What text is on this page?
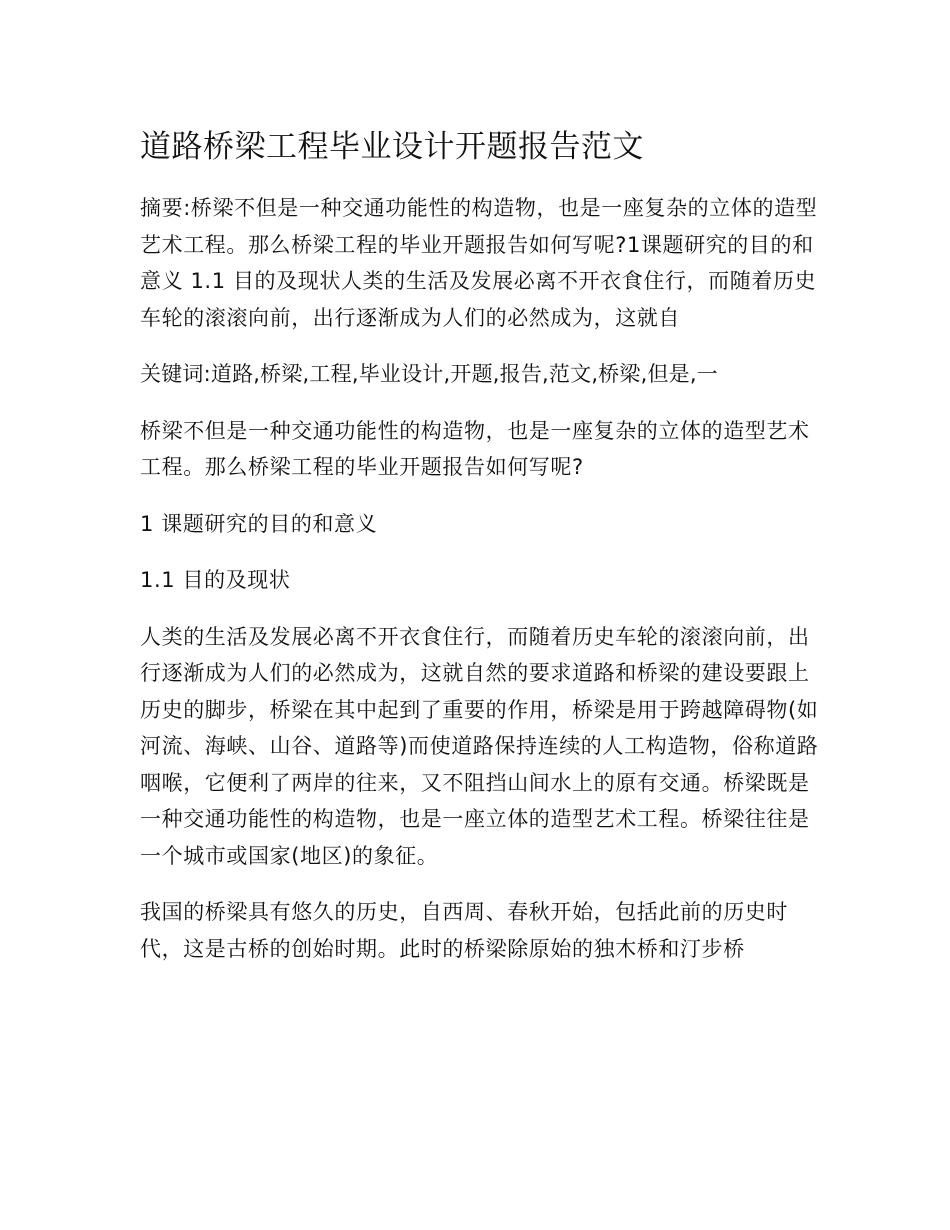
道路桥梁工程毕业设计开题报告范文

摘要:桥梁不但是一种交通功能性的构造物，也是一座复杂的立体的造型艺术工程。那么桥梁工程的毕业开题报告如何写呢?1课题研究的目的和意义 1.1 目的及现状人类的生活及发展必离不开衣食住行，而随着历史车轮的滚滚向前，出行逐渐成为人们的必然成为，这就自

关键词:道路,桥梁,工程,毕业设计,开题,报告,范文,桥梁,但是,一

桥梁不但是一种交通功能性的构造物，也是一座复杂的立体的造型艺术工程。那么桥梁工程的毕业开题报告如何写呢?

1 课题研究的目的和意义

1.1 目的及现状

人类的生活及发展必离不开衣食住行，而随着历史车轮的滚滚向前，出行逐渐成为人们的必然成为，这就自然的要求道路和桥梁的建设要跟上历史的脚步，桥梁在其中起到了重要的作用，桥梁是用于跨越障碍物(如河流、海峡、山谷、道路等)而使道路保持连续的人工构造物，俗称道路咽喉，它便利了两岸的往来，又不阻挡山间水上的原有交通。桥梁既是一种交通功能性的构造物，也是一座立体的造型艺术工程。桥梁往往是一个城市或国家(地区)的象征。

我国的桥梁具有悠久的历史，自西周、春秋开始，包括此前的历史时代，这是古桥的创始时期。此时的桥梁除原始的独木桥和汀步桥
